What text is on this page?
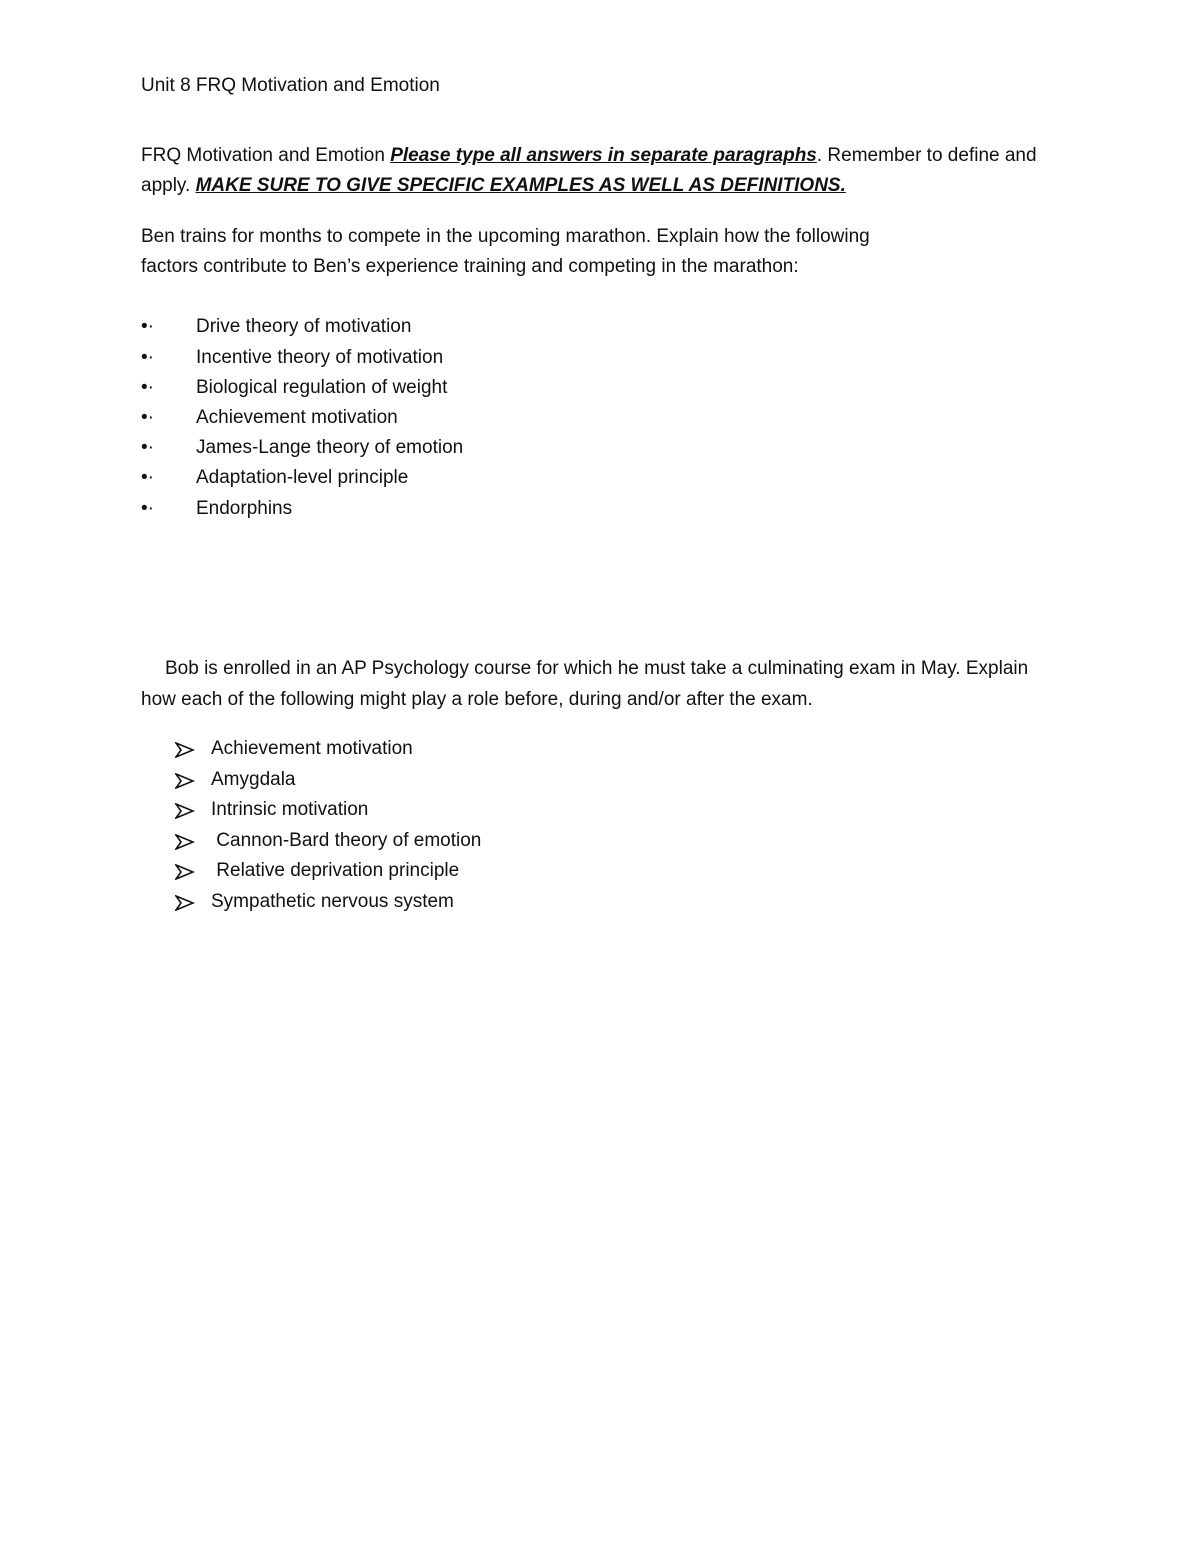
Unit 8 FRQ Motivation and Emotion
FRQ Motivation and Emotion Please type all answers in separate paragraphs. Remember to define and
apply. MAKE SURE TO GIVE SPECIFIC EXAMPLES AS WELL AS DEFINITIONS.
Ben trains for months to compete in the upcoming marathon. Explain how the following
factors contribute to Ben’s experience training and competing in the marathon:
•·	Drive theory of motivation
•·	Incentive theory of motivation
•·	Biological regulation of weight
•·	Achievement motivation
•·	James-Lange theory of emotion
•·	Adaptation-level principle
•·	Endorphins
Bob is enrolled in an AP Psychology course for which he must take a culminating exam in May. Explain
how each of the following might play a role before, during and/or after the exam.
Achievement motivation
Amygdala
Intrinsic motivation
Cannon-Bard theory of emotion
Relative deprivation principle
Sympathetic nervous system
